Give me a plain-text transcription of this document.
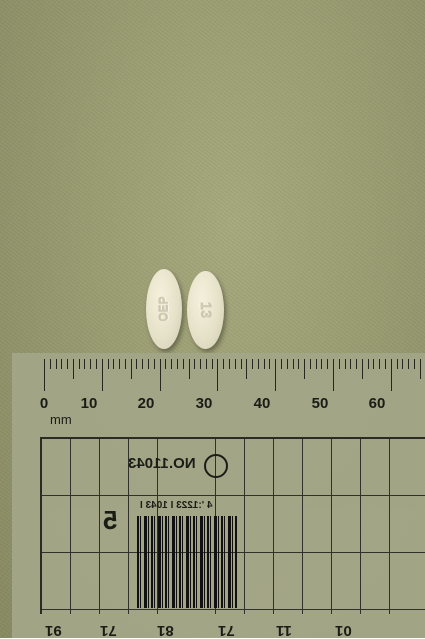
OEP	13
0 10	20	30	40	50	60
mm
NO.11043
5 4 ':1223 I 1043 I
91	71	81	71	11	01
